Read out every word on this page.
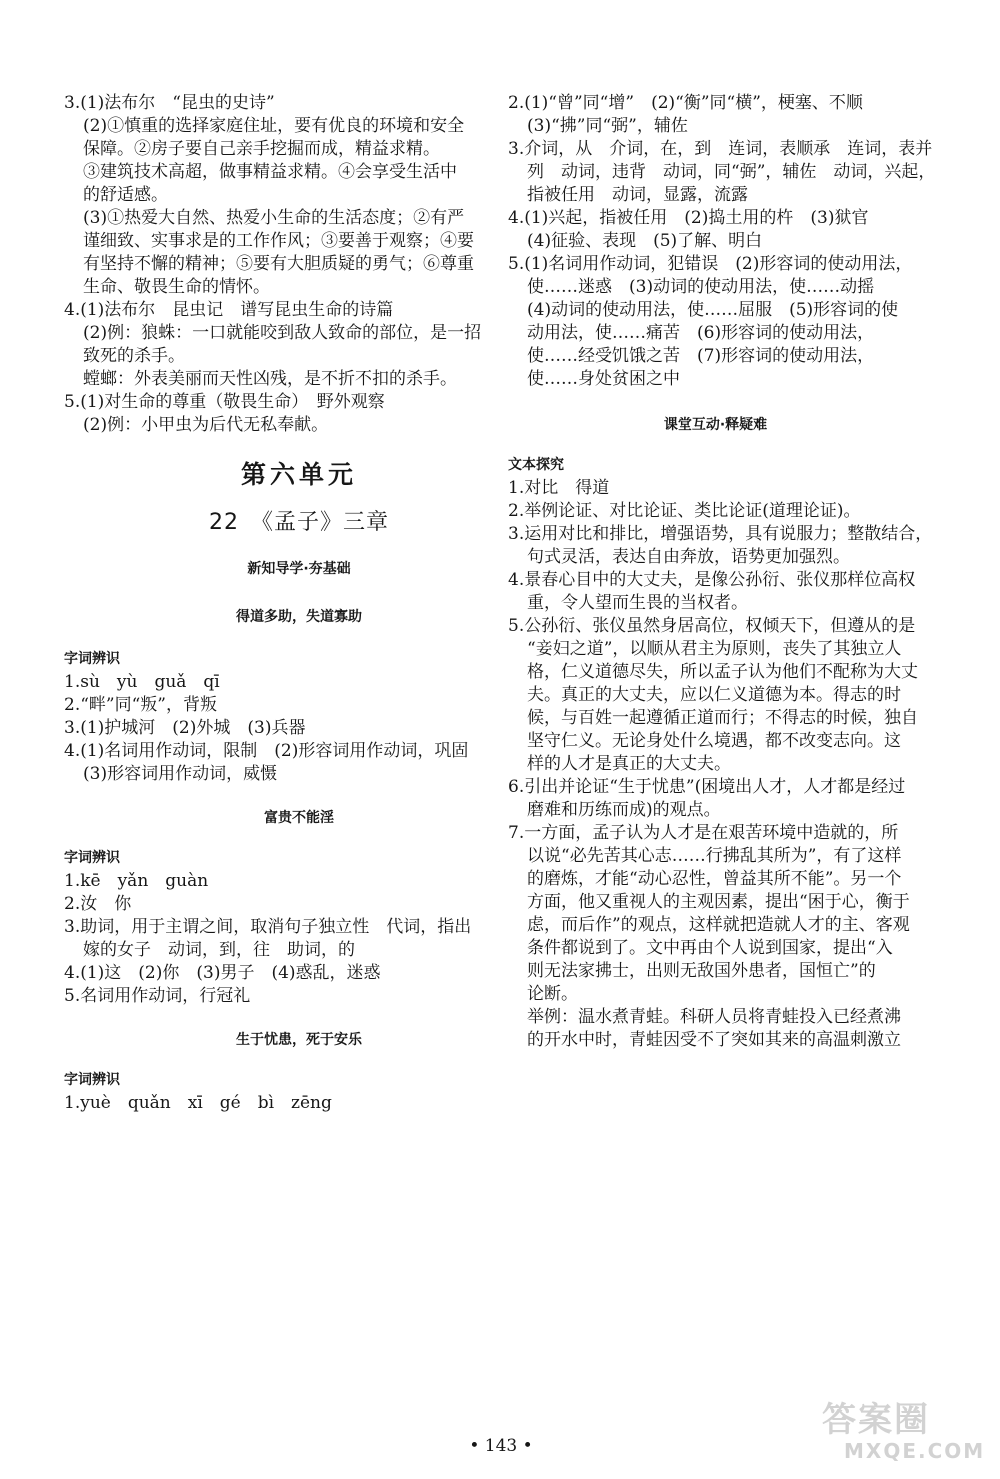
3.(1)法布尔　“昆虫的史诗”
(2)①慎重的选择家庭住址，要有优良的环境和安全
保障。②房子要自己亲手挖掘而成，精益求精。
③建筑技术高超，做事精益求精。④会享受生活中
的舒适感。
(3)①热爱大自然、热爱小生命的生活态度；②有严
谨细致、实事求是的工作作风；③要善于观察；④要
有坚持不懈的精神；⑤要有大胆质疑的勇气；⑥尊重
生命、敬畏生命的情怀。
4.(1)法布尔　昆虫记　谱写昆虫生命的诗篇
(2)例：狼蛛：一口就能咬到敌人致命的部位，是一招
致死的杀手。
螳螂：外表美丽而天性凶残，是不折不扣的杀手。
5.(1)对生命的尊重（敬畏生命）　野外观察
(2)例：小甲虫为后代无私奉献。
第六单元
22　《孟子》三章
新知导学·夯基础
得道多助，失道寡助
字词辨识
1.sù　yù　guǎ　qī
2.“畔”同“叛”，背叛
3.(1)护城河　(2)外城　(3)兵器
4.(1)名词用作动词，限制　(2)形容词用作动词，巩固
(3)形容词用作动词，威慑
富贵不能淫
字词辨识
1.kē　yǎn　guàn
2.汝　你
3.助词，用于主谓之间，取消句子独立性　代词，指出
嫁的女子　动词，到，往　助词，的
4.(1)这　(2)你　(3)男子　(4)惑乱，迷惑
5.名词用作动词，行冠礼
生于忧患，死于安乐
字词辨识
1.yuè　quǎn　xī　gé　bì　zēng
2.(1)“曾”同“增”　(2)“衡”同“横”，梗塞、不顺
(3)“拂”同“弼”，辅佐
3.介词，从　介词，在，到　连词，表顺承　连词，表并
列　动词，违背　动词，同“弼”，辅佐　动词，兴起，
指被任用　动词，显露，流露
4.(1)兴起，指被任用　(2)捣土用的杵　(3)狱官
(4)征验、表现　(5)了解、明白
5.(1)名词用作动词，犯错误　(2)形容词的使动用法，
使……迷惑　(3)动词的使动用法，使……动摇
(4)动词的使动用法，使……屈服　(5)形容词的使
动用法，使……痛苦　(6)形容词的使动用法，
使……经受饥饿之苦　(7)形容词的使动用法，
使……身处贫困之中
课堂互动·释疑难
文本探究
1.对比　得道
2.举例论证、对比论证、类比论证(道理论证)。
3.运用对比和排比，增强语势，具有说服力；整散结合，
句式灵活，表达自由奔放，语势更加强烈。
4.景春心目中的大丈夫，是像公孙衍、张仪那样位高权
重，令人望而生畏的当权者。
5.公孙衍、张仪虽然身居高位，权倾天下，但遵从的是
“妾妇之道”，以顺从君主为原则，丧失了其独立人
格，仁义道德尽失，所以孟子认为他们不配称为大丈
夫。真正的大丈夫，应以仁义道德为本。得志的时
候，与百姓一起遵循正道而行；不得志的时候，独自
坚守仁义。无论身处什么境遇，都不改变志向。这
样的人才是真正的大丈夫。
6.引出并论证“生于忧患”(困境出人才，人才都是经过
磨难和历练而成)的观点。
7.一方面，孟子认为人才是在艰苦环境中造就的，所
以说“必先苦其心志……行拂乱其所为”，有了这样
的磨炼，才能“动心忍性，曾益其所不能”。另一个
方面，他又重视人的主观因素，提出“困于心，衡于
虑，而后作”的观点，这样就把造就人才的主、客观
条件都说到了。文中再由个人说到国家，提出“入
则无法家拂士，出则无敌国外患者，国恒亡”的
论断。
举例：温水煮青蛙。科研人员将青蛙投入已经煮沸
的开水中时，青蛙因受不了突如其来的高温刺激立
• 143 •
答案圈
MXQE.COM
